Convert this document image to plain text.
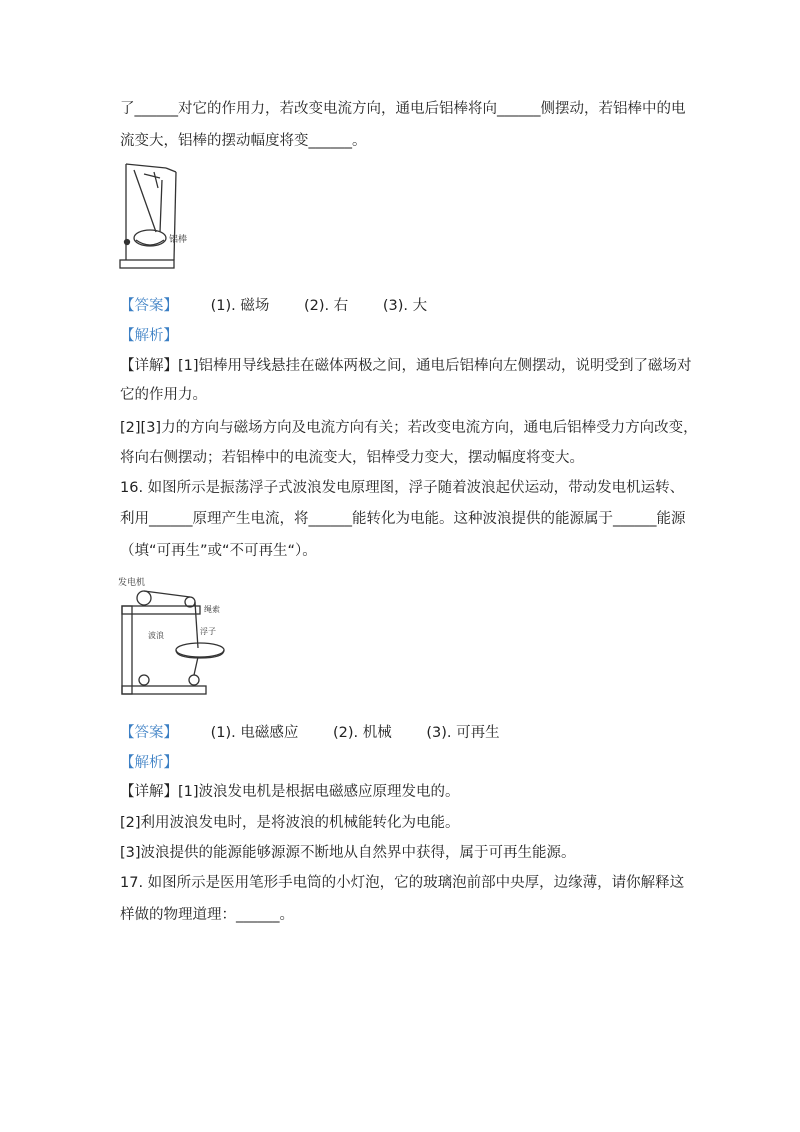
了______对它的作用力，若改变电流方向，通电后铝棒将向______侧摆动，若铝棒中的电
流变大，铝棒的摆动幅度将变______。
铝棒
【答案】 (1). 磁场 (2). 右 (3). 大
【解析】
【详解】[1]铝棒用导线悬挂在磁体两极之间，通电后铝棒向左侧摆动，说明受到了磁场对
它的作用力。
[2][3]力的方向与磁场方向及电流方向有关；若改变电流方向，通电后铝棒受力方向改变，
将向右侧摆动；若铝棒中的电流变大，铝棒受力变大，摆动幅度将变大。
16. 如图所示是振荡浮子式波浪发电原理图，浮子随着波浪起伏运动，带动发电机运转、
利用______原理产生电流，将______能转化为电能。这种波浪提供的能源属于______能源
（填“可再生”或“不可再生“）。
发电机
绳索
波浪	浮子
【答案】 (1). 电磁感应 (2). 机械 (3). 可再生
【解析】
【详解】[1]波浪发电机是根据电磁感应原理发电的。
[2]利用波浪发电时，是将波浪的机械能转化为电能。
[3]波浪提供的能源能够源源不断地从自然界中获得，属于可再生能源。
17. 如图所示是医用笔形手电筒的小灯泡，它的玻璃泡前部中央厚，边缘薄，请你解释这
样做的物理道理：______。
